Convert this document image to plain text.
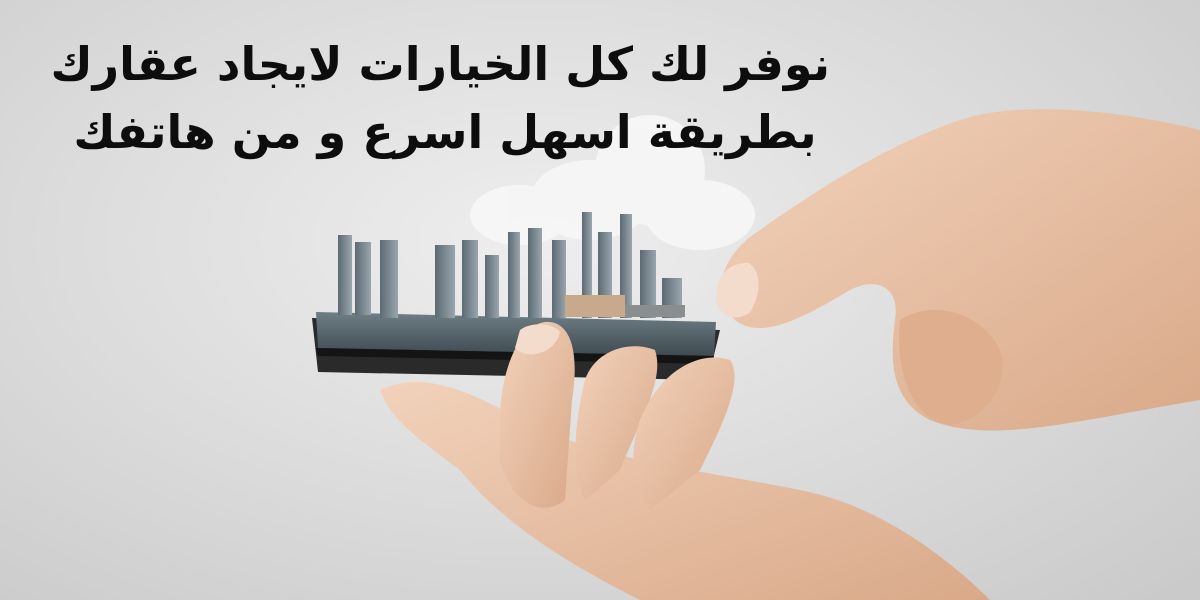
نوفر لك كل الخيارات لايجاد عقارك
بطريقة اسهل اسرع و من هاتفك
